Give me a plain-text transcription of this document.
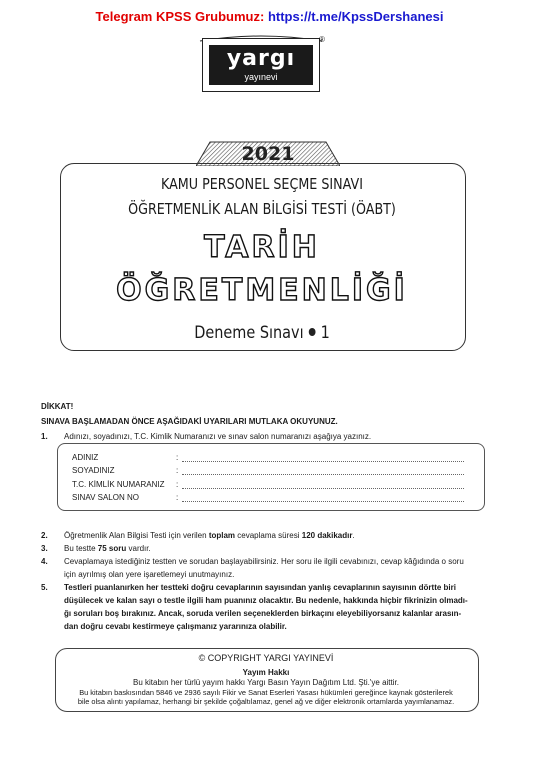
Telegram KPSS Grubumuz: https://t.me/KpssDershanesi
yargı
yayınevi
®
2021
KAMU PERSONEL SEÇME SINAVI
ÖĞRETMENLİK ALAN BİLGİSİ TESTİ (ÖABT)
TARİH
ÖĞRETMENLİĞİ
Deneme Sınavı 1
DİKKAT!
SINAVA BAŞLAMADAN ÖNCE AŞAĞIDAKİ UYARILARI MUTLAKA OKUYUNUZ.
1. Adınızı, soyadınızı, T.C. Kimlik Numaranızı ve sınav salon numaranızı aşağıya yazınız.
ADINIZ	:
SOYADINIZ	:
T.C. KİMLİK NUMARANIZ :
SINAV SALON NO	:
2. Öğretmenlik Alan Bilgisi Testi için verilen toplam cevaplama süresi 120 dakikadır.
3. Bu testte 75 soru vardır.
4. Cevaplamaya istediğiniz testten ve sorudan başlayabilirsiniz. Her soru ile ilgili cevabınızı, cevap kâğıdında o soru
için ayrılmış olan yere işaretlemeyi unutmayınız.
5. Testleri puanlanırken her testteki doğru cevaplarının sayısından yanlış cevaplarının sayısının dörtte biri
düşülecek ve kalan sayı o testle ilgili ham puanınız olacaktır. Bu nedenle, hakkında hiçbir fikrinizin olmadı-
ğı soruları boş bırakınız. Ancak, soruda verilen seçeneklerden birkaçını eleyebiliyorsanız kalanlar arasın-
dan doğru cevabı kestirmeye çalışmanız yararınıza olabilir.
© COPYRIGHT YARGI YAYINEVİ
Yayım Hakkı
Bu kitabın her türlü yayım hakkı Yargı Basın Yayın Dağıtım Ltd. Şti.'ye aittir.
Bu kitabın baskısından 5846 ve 2936 sayılı Fikir ve Sanat Eserleri Yasası hükümleri gereğince kaynak gösterilerek
bile olsa alıntı yapılamaz, herhangi bir şekilde çoğaltılamaz, genel ağ ve diğer elektronik ortamlarda yayımlanamaz.
